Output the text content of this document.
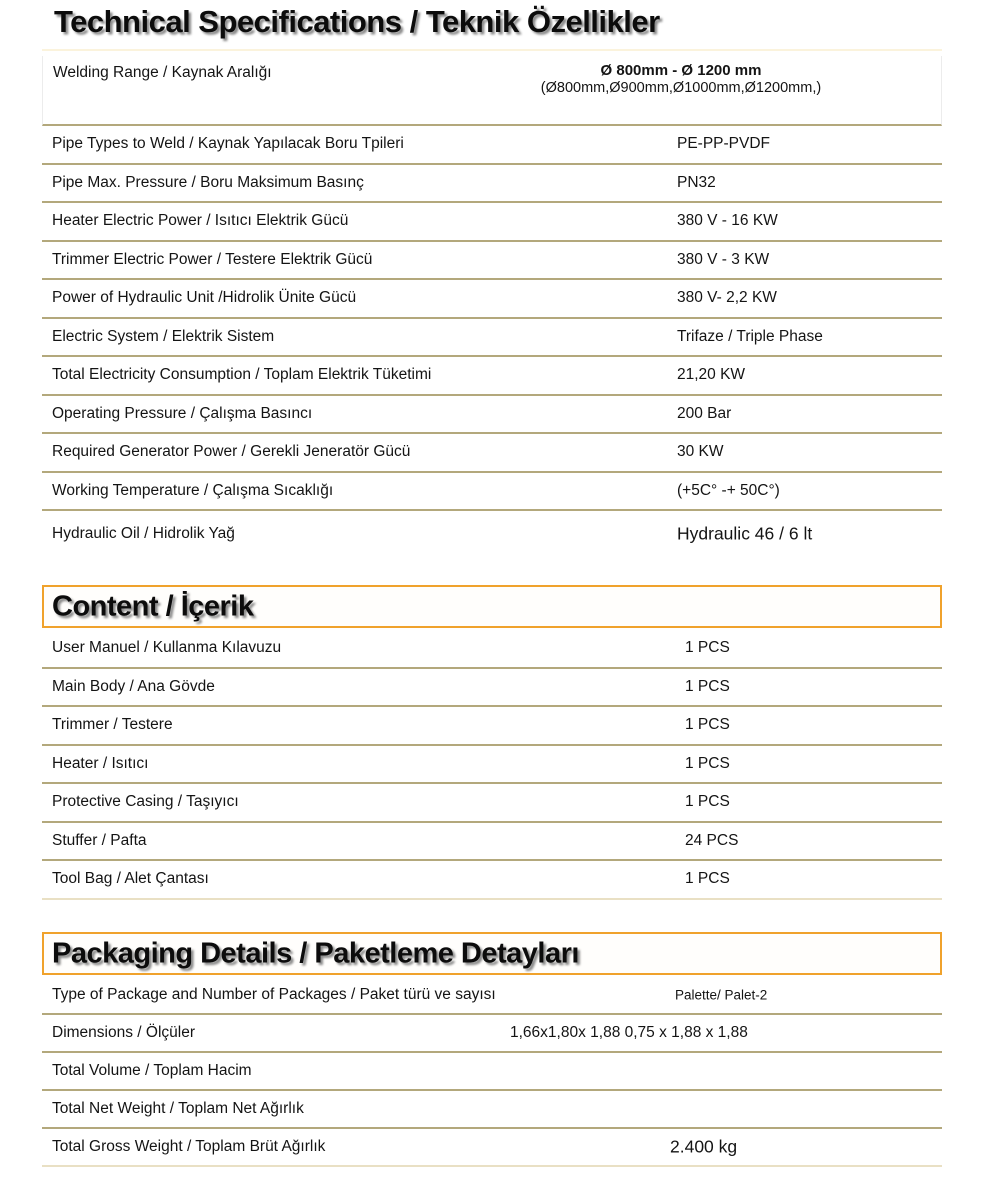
Technical Specifications / Teknik Özellikler
Welding Range / Kaynak Aralığı	Ø 800mm - Ø 1200 mm
(Ø800mm,Ø900mm,Ø1000mm,Ø1200mm,)
Pipe Types to Weld / Kaynak Yapılacak Boru Tpileri	PE-PP-PVDF
Pipe Max. Pressure / Boru Maksimum Basınç	PN32
Heater Electric Power / Isıtıcı Elektrik Gücü	380 V - 16 KW
Trimmer Electric Power / Testere Elektrik Gücü	380 V - 3 KW
Power of Hydraulic Unit /Hidrolik Ünite Gücü	380 V- 2,2 KW
Electric System / Elektrik Sistem	Trifaze / Triple Phase
Total Electricity Consumption / Toplam Elektrik Tüketimi	21,20 KW
Operating Pressure / Çalışma Basıncı	200 Bar
Required Generator Power / Gerekli Jeneratör Gücü	30 KW
Working Temperature / Çalışma Sıcaklığı	(+5C° -+ 50C°)
Hydraulic Oil / Hidrolik Yağ	Hydraulic 46 / 6 lt
Content / İçerik
User Manuel / Kullanma Kılavuzu	1 PCS
Main Body / Ana Gövde	1 PCS
Trimmer / Testere	1 PCS
Heater / Isıtıcı	1 PCS
Protective Casing / Taşıyıcı	1 PCS
Stuffer / Pafta	24 PCS
Tool Bag / Alet Çantası	1 PCS
Packaging Details / Paketleme Detayları
Type of Package and Number of Packages / Paket türü ve sayısı	Palette/ Palet-2
Dimensions / Ölçüler	1,66x1,80x 1,88 0,75 x 1,88 x 1,88
Total Volume / Toplam Hacim
Total Net Weight / Toplam Net Ağırlık
Total Gross Weight / Toplam Brüt Ağırlık	2.400 kg
